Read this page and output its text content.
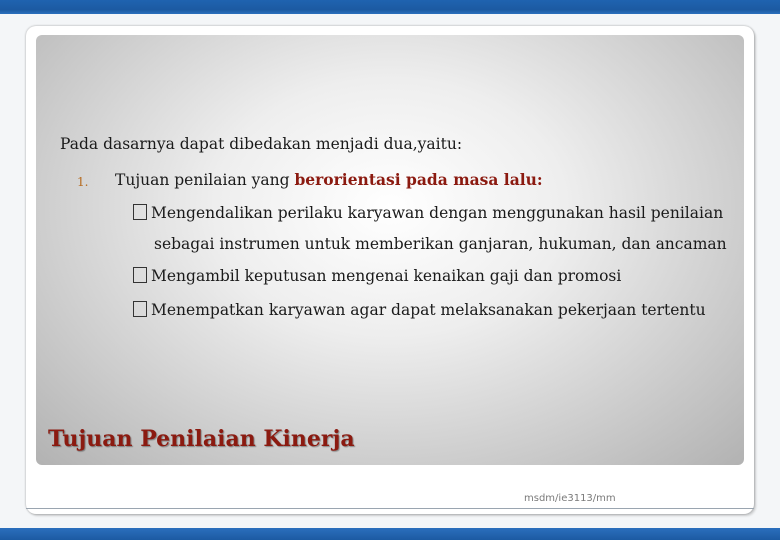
Pada dasarnya dapat dibedakan menjadi dua,yaitu:
1. Tujuan penilaian yang berorientasi pada masa lalu:
Mengendalikan perilaku karyawan dengan menggunakan hasil penilaian
sebagai instrumen untuk memberikan ganjaran, hukuman, dan ancaman
Mengambil keputusan mengenai kenaikan gaji dan promosi
Menempatkan karyawan agar dapat melaksanakan pekerjaan tertentu
Tujuan Penilaian Kinerja
msdm/ie3113/mm
